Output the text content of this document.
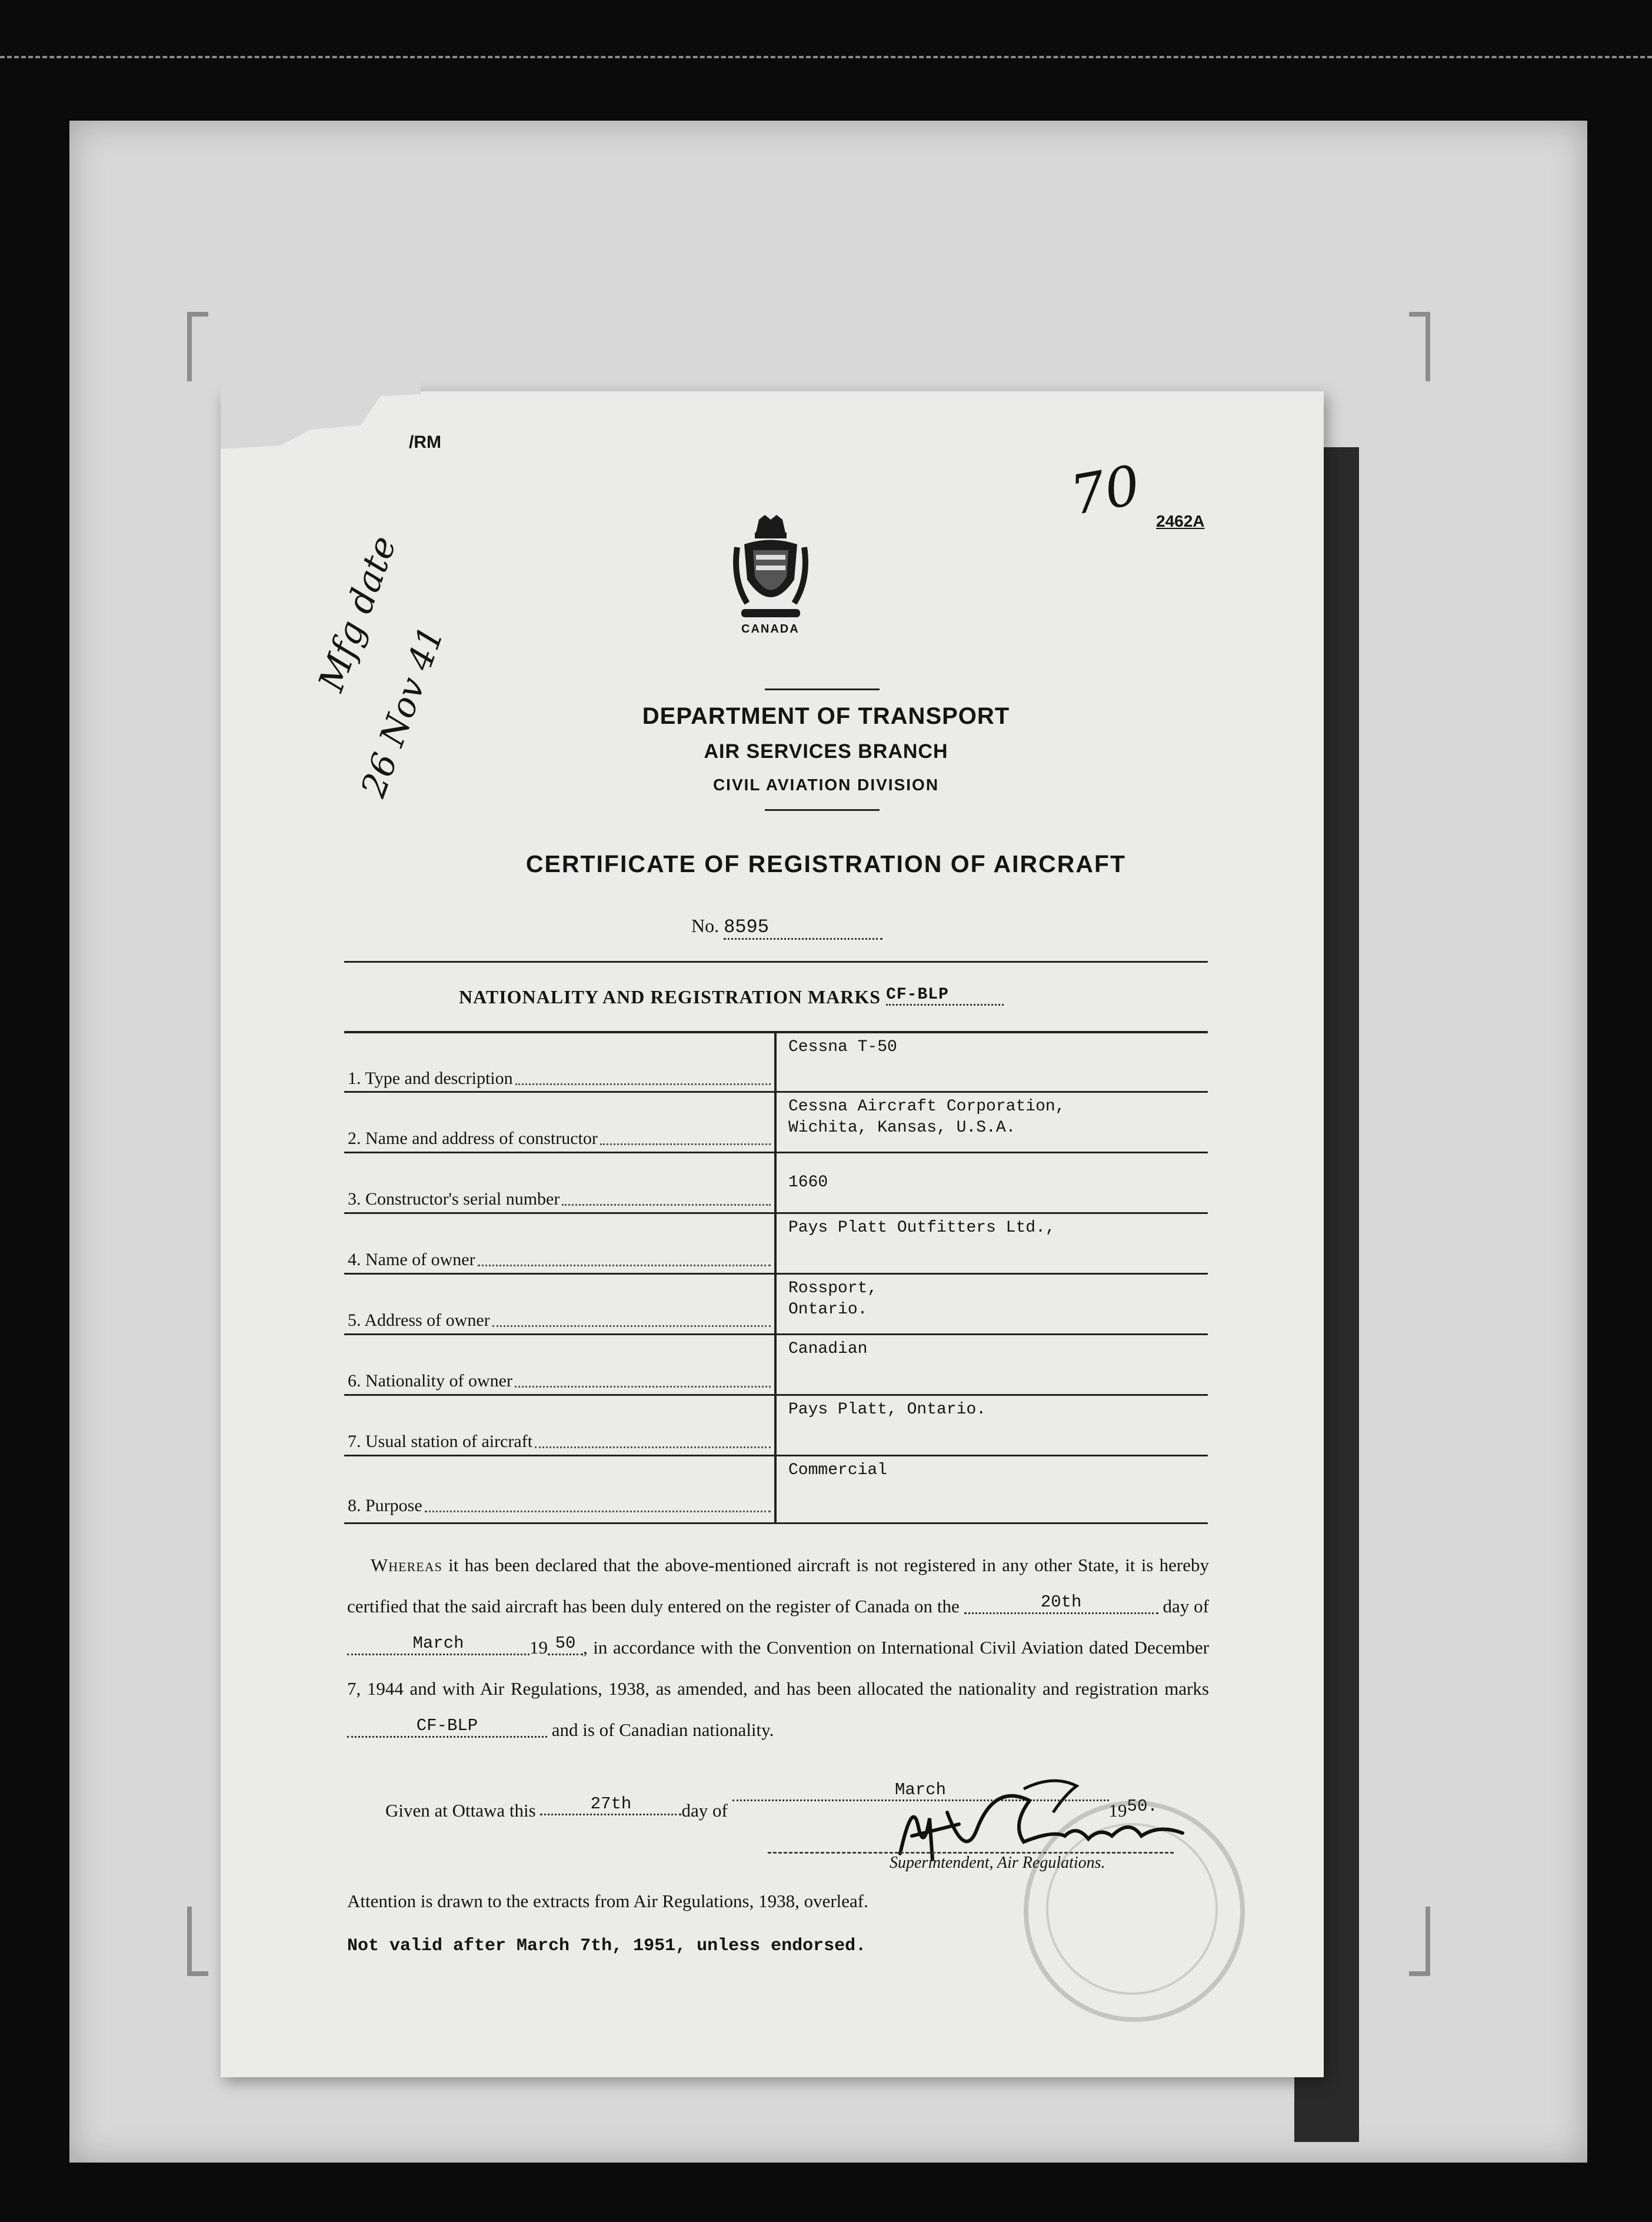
/RM
2462A
70
CANADA
DEPARTMENT OF TRANSPORT
AIR SERVICES BRANCH
CIVIL AVIATION DIVISION
CERTIFICATE OF REGISTRATION OF AIRCRAFT
No. 8595
NATIONALITY AND REGISTRATION MARKS CF-BLP
1. Type and description	Cessna T-50

2. Name and address of constructor	Cessna Aircraft Corporation,
Wichita, Kansas, U.S.A.

3. Constructor's serial number	1660

4. Name of owner	Pays Platt Outfitters Ltd.,

5. Address of owner	Rossport,
Ontario.

6. Nationality of owner	Canadian

7. Usual station of aircraft	Pays Platt, Ontario.

8. Purpose	Commercial
Whereas it has been declared that the above-mentioned aircraft is not registered in any other State, it is hereby certified that the said aircraft has been duly entered on the register of Canada on the	20th	day of March	19 50 , in accordance with the Convention on International Civil Aviation dated December 7, 1944 and with Air Regulations, 1938, as amended, and has been allocated the nationality and registration marks CF-BLP	and is of Canadian nationality.
Given at Ottawa this	27th	day of March1950.
Superintendent, Air Regulations.
Attention is drawn to the extracts from Air Regulations, 1938, overleaf.
Not valid after March 7th, 1951, unless endorsed.
Mfg date
26 Nov 41
